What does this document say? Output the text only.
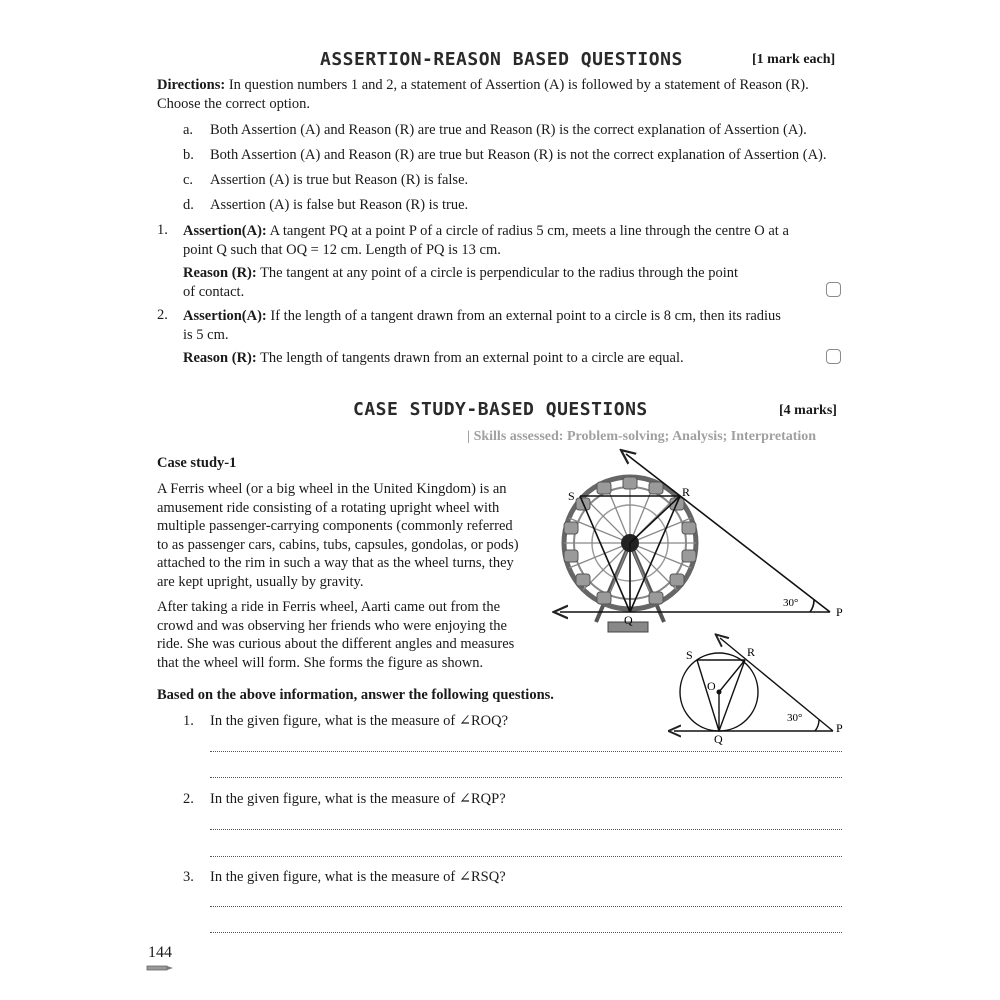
ASSERTION-REASON BASED QUESTIONS	[1 mark each]
Directions: In question numbers 1 and 2, a statement of Assertion (A) is followed by a statement of Reason (R).
Choose the correct option.
a. Both Assertion (A) and Reason (R) are true and Reason (R) is the correct explanation of Assertion (A).
b. Both Assertion (A) and Reason (R) are true but Reason (R) is not the correct explanation of Assertion (A).
c. Assertion (A) is true but Reason (R) is false.
d. Assertion (A) is false but Reason (R) is true.
1. Assertion(A): A tangent PQ at a point P of a circle of radius 5 cm, meets a line through the centre O at a
point Q such that OQ = 12 cm. Length of PQ is 13 cm.
Reason (R): The tangent at any point of a circle is perpendicular to the radius through the point
of contact.
2. Assertion(A): If the length of a tangent drawn from an external point to a circle is 8 cm, then its radius
is 5 cm.
Reason (R): The length of tangents drawn from an external point to a circle are equal.
CASE STUDY-BASED QUESTIONS	[4 marks]
| Skills assessed: Problem-solving; Analysis; Interpretation
Case study-1
A Ferris wheel (or a big wheel in the United Kingdom) is an
amusement ride consisting of a rotating upright wheel with
multiple passenger-carrying components (commonly referred
to as passenger cars, cabins, tubs, capsules, gondolas, or pods)
attached to the rim in such a way that as the wheel turns, they
are kept upright, usually by gravity.
After taking a ride in Ferris wheel, Aarti came out from the
crowd and was observing her friends who were enjoying the
ride. She was curious about the different angles and measures
that the wheel will form. She forms the figure as shown.
Based on the above information, answer the following questions.
1. In the given figure, what is the measure of ∠ROQ?
2. In the given figure, what is the measure of ∠RQP?
3. In the given figure, what is the measure of ∠RSQ?
S	R
Q
P
30°
S	R
O
Q
P
30°
144
